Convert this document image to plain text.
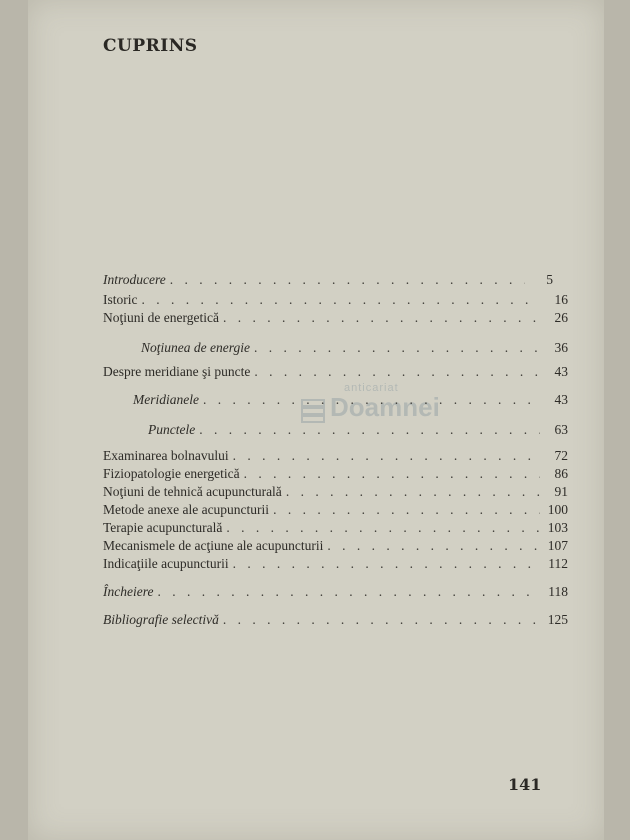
CUPRINS
anticariat
Doamnei
Introducere . . .	5
Istoric . . .	16
Noţiuni de energetică . . .	26
Noţiunea de energie . . .	36
Despre meridiane şi puncte . . .	43
Meridianele . . .	43
Punctele . . .	63
Examinarea bolnavului . . .	72
Fiziopatologie energetică . . .	86
Noţiuni de tehnică acupuncturală . . .	91
Metode anexe ale acupuncturii . . .	100
Terapie acupuncturală . . .	103
Mecanismele de acţiune ale acupuncturii . . .	107
Indicaţiile acupuncturii . . .	112
Încheiere . . .	118
Bibliografie selectivă . . .	125
141
